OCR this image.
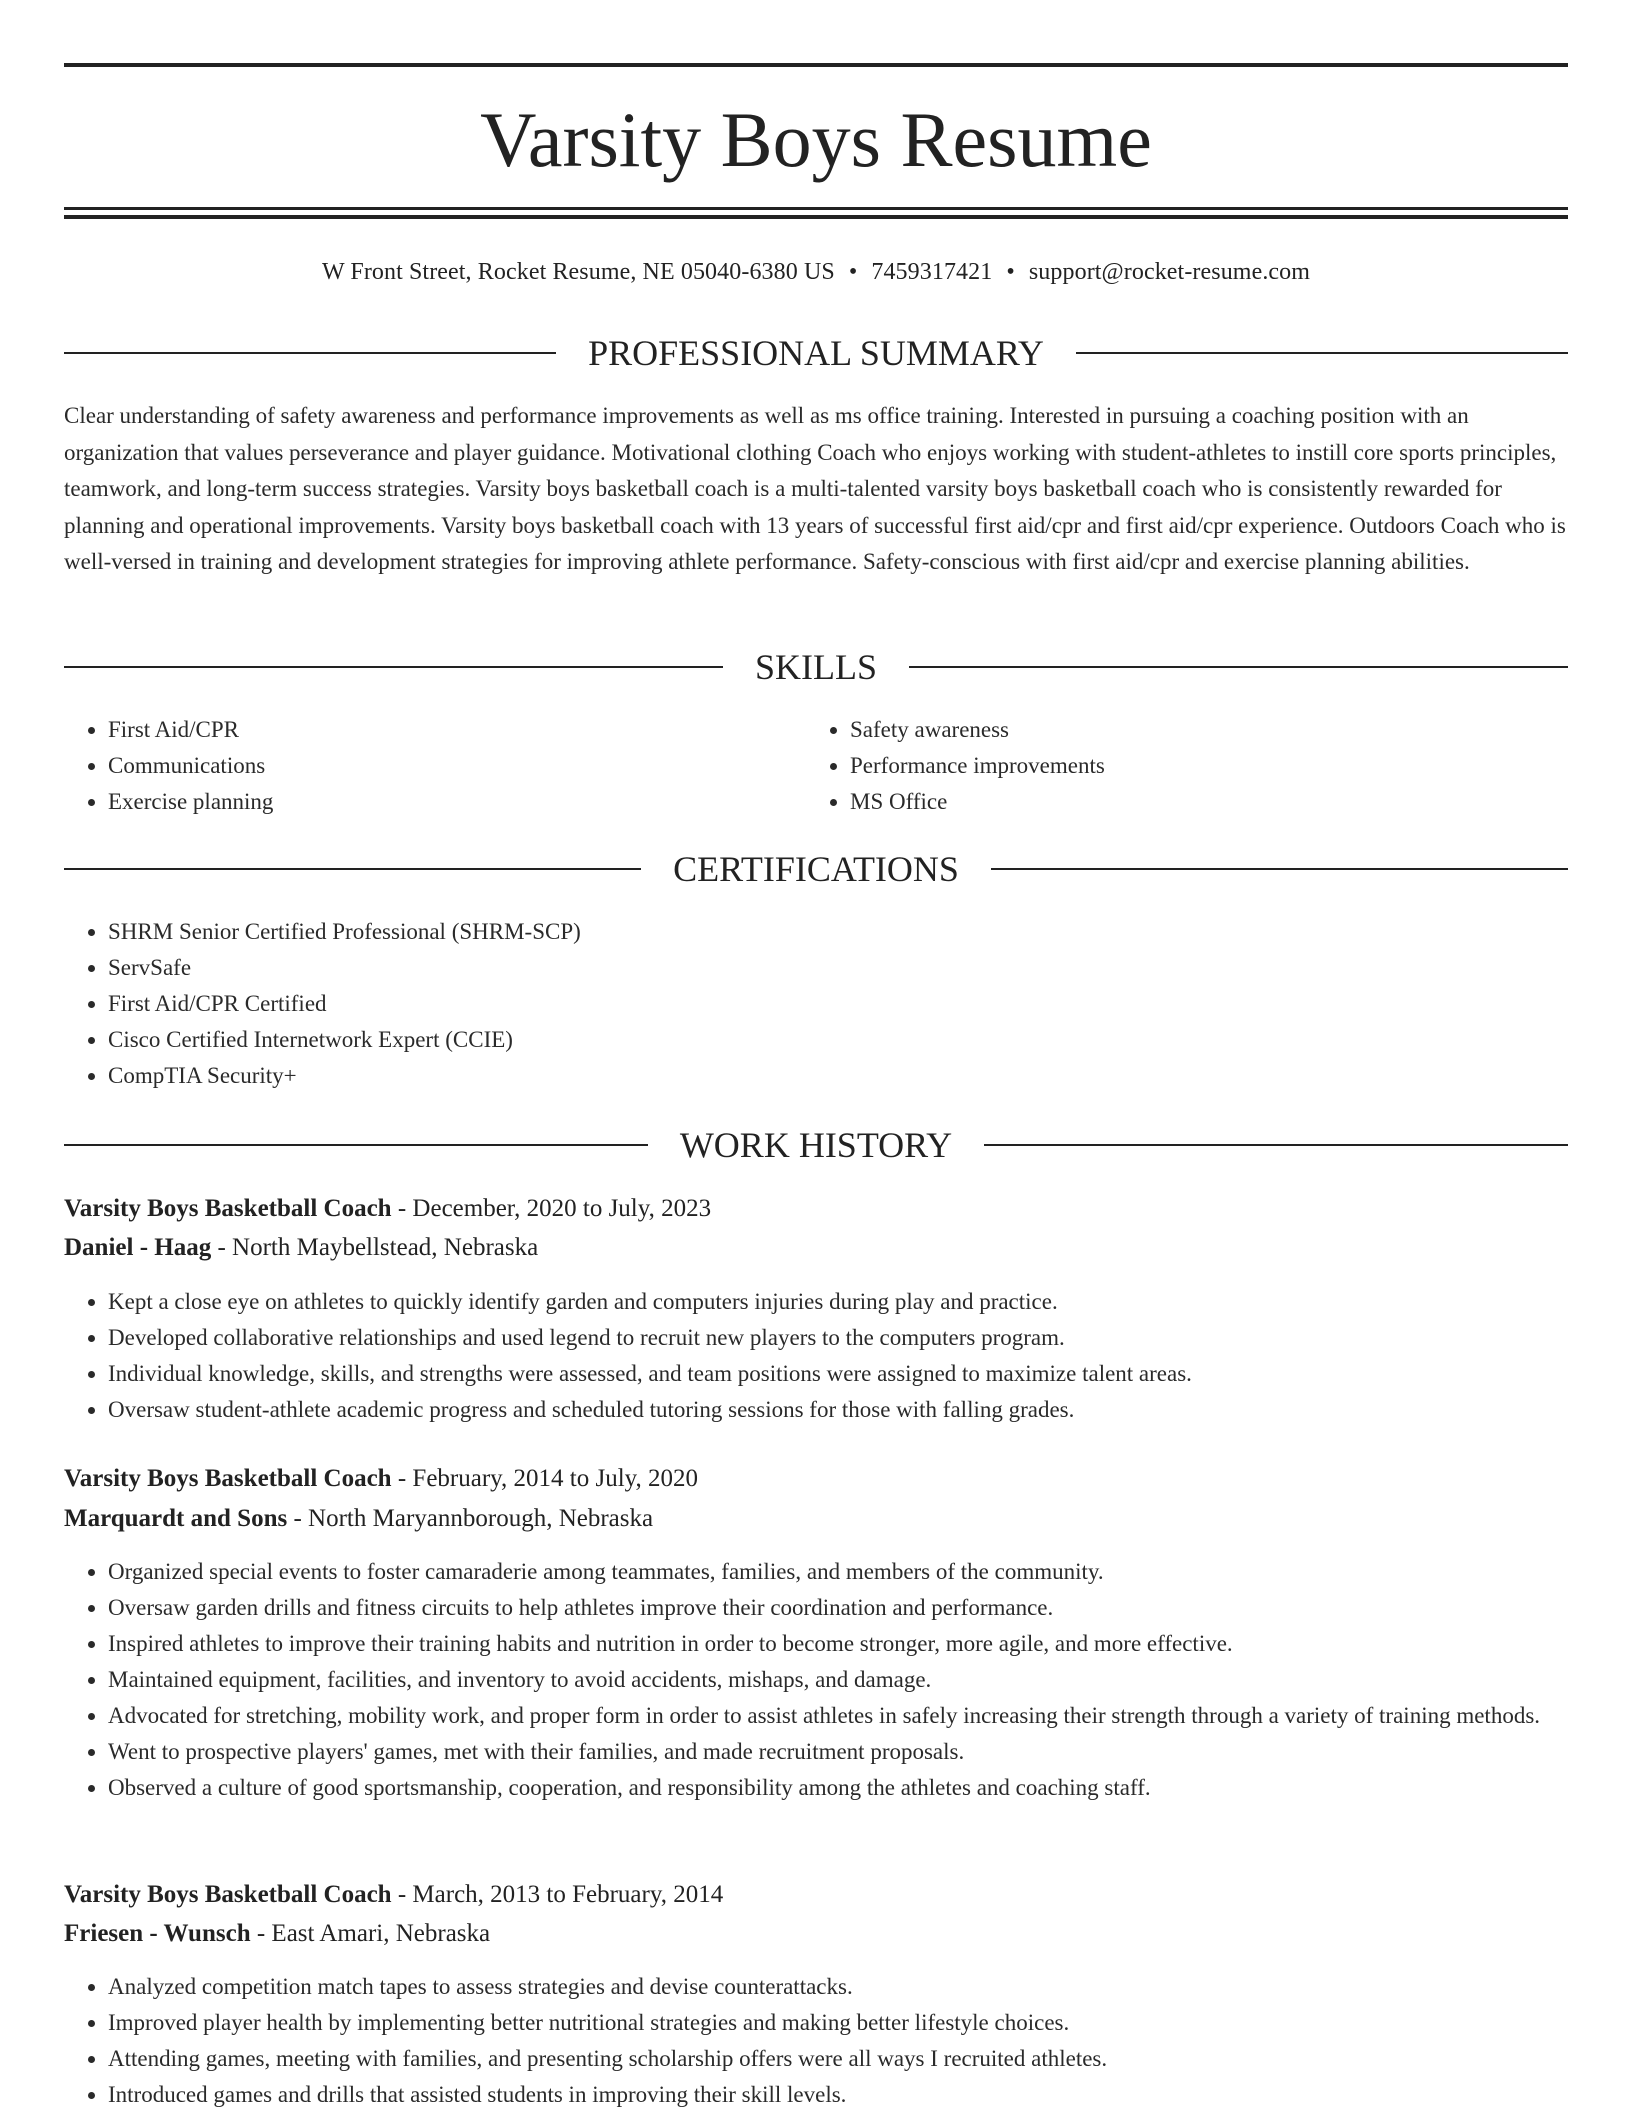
Varsity Boys Resume
W Front Street, Rocket Resume, NE 05040-6380 US • 7459317421 • support@rocket-resume.com
PROFESSIONAL SUMMARY

Clear understanding of safety awareness and performance improvements as well as ms office training. Interested in pursuing a coaching position with an organization that values perseverance and player guidance. Motivational clothing Coach who enjoys working with student-athletes to instill core sports principles, teamwork, and long-term success strategies. Varsity boys basketball coach is a multi-talented varsity boys basketball coach who is consistently rewarded for planning and operational improvements. Varsity boys basketball coach with 13 years of successful first aid/cpr and first aid/cpr experience. Outdoors Coach who is well-versed in training and development strategies for improving athlete performance. Safety-conscious with first aid/cpr and exercise planning abilities.

SKILLS
• First Aid/CPR
• Communications
• Exercise planning
• Safety awareness
• Performance improvements
• MS Office
CERTIFICATIONS
• SHRM Senior Certified Professional (SHRM-SCP)
• ServSafe
• First Aid/CPR Certified
• Cisco Certified Internetwork Expert (CCIE)
• CompTIA Security+
WORK HISTORY
Varsity Boys Basketball Coach - December, 2020 to July, 2023
Daniel - Haag - North Maybellstead, Nebraska
• Kept a close eye on athletes to quickly identify garden and computers injuries during play and practice.
• Developed collaborative relationships and used legend to recruit new players to the computers program.
• Individual knowledge, skills, and strengths were assessed, and team positions were assigned to maximize talent areas.
• Oversaw student-athlete academic progress and scheduled tutoring sessions for those with falling grades.
Varsity Boys Basketball Coach - February, 2014 to July, 2020
Marquardt and Sons - North Maryannborough, Nebraska
• Organized special events to foster camaraderie among teammates, families, and members of the community.
• Oversaw garden drills and fitness circuits to help athletes improve their coordination and performance.
• Inspired athletes to improve their training habits and nutrition in order to become stronger, more agile, and more effective.
• Maintained equipment, facilities, and inventory to avoid accidents, mishaps, and damage.
• Advocated for stretching, mobility work, and proper form in order to assist athletes in safely increasing their strength through a variety of training methods.
• Went to prospective players' games, met with their families, and made recruitment proposals.
• Observed a culture of good sportsmanship, cooperation, and responsibility among the athletes and coaching staff.
Varsity Boys Basketball Coach - March, 2013 to February, 2014
Friesen - Wunsch - East Amari, Nebraska
• Analyzed competition match tapes to assess strategies and devise counterattacks.
• Improved player health by implementing better nutritional strategies and making better lifestyle choices.
• Attending games, meeting with families, and presenting scholarship offers were all ways I recruited athletes.
• Introduced games and drills that assisted students in improving their skill levels.
